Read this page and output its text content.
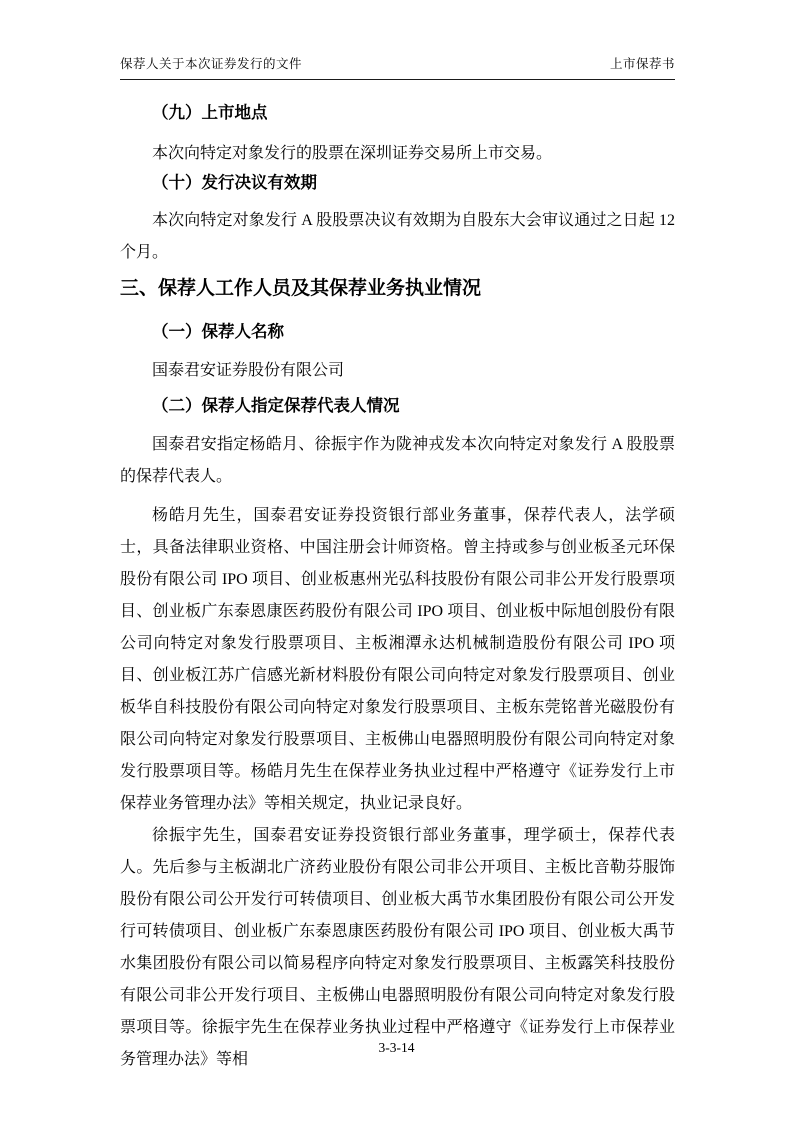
保荐人关于本次证券发行的文件	上市保荐书
（九）上市地点

本次向特定对象发行的股票在深圳证券交易所上市交易。

（十）发行决议有效期

本次向特定对象发行 A 股股票决议有效期为自股东大会审议通过之日起 12 个月。

三、保荐人工作人员及其保荐业务执业情况
（一）保荐人名称

国泰君安证券股份有限公司

（二）保荐人指定保荐代表人情况

国泰君安指定杨皓月、徐振宇作为陇神戎发本次向特定对象发行 A 股股票的保荐代表人。

杨皓月先生，国泰君安证券投资银行部业务董事，保荐代表人，法学硕士，具备法律职业资格、中国注册会计师资格。曾主持或参与创业板圣元环保股份有限公司 IPO 项目、创业板惠州光弘科技股份有限公司非公开发行股票项目、创业板广东泰恩康医药股份有限公司 IPO 项目、创业板中际旭创股份有限公司向特定对象发行股票项目、主板湘潭永达机械制造股份有限公司 IPO 项目、创业板江苏广信感光新材料股份有限公司向特定对象发行股票项目、创业板华自科技股份有限公司向特定对象发行股票项目、主板东莞铭普光磁股份有限公司向特定对象发行股票项目、主板佛山电器照明股份有限公司向特定对象发行股票项目等。杨皓月先生在保荐业务执业过程中严格遵守《证券发行上市保荐业务管理办法》等相关规定，执业记录良好。

徐振宇先生，国泰君安证券投资银行部业务董事，理学硕士，保荐代表人。先后参与主板湖北广济药业股份有限公司非公开项目、主板比音勒芬服饰股份有限公司公开发行可转债项目、创业板大禹节水集团股份有限公司公开发行可转债项目、创业板广东泰恩康医药股份有限公司 IPO 项目、创业板大禹节水集团股份有限公司以简易程序向特定对象发行股票项目、主板露笑科技股份有限公司非公开发行项目、主板佛山电器照明股份有限公司向特定对象发行股票项目等。徐振宇先生在保荐业务执业过程中严格遵守《证券发行上市保荐业务管理办法》等相

3-3-14
